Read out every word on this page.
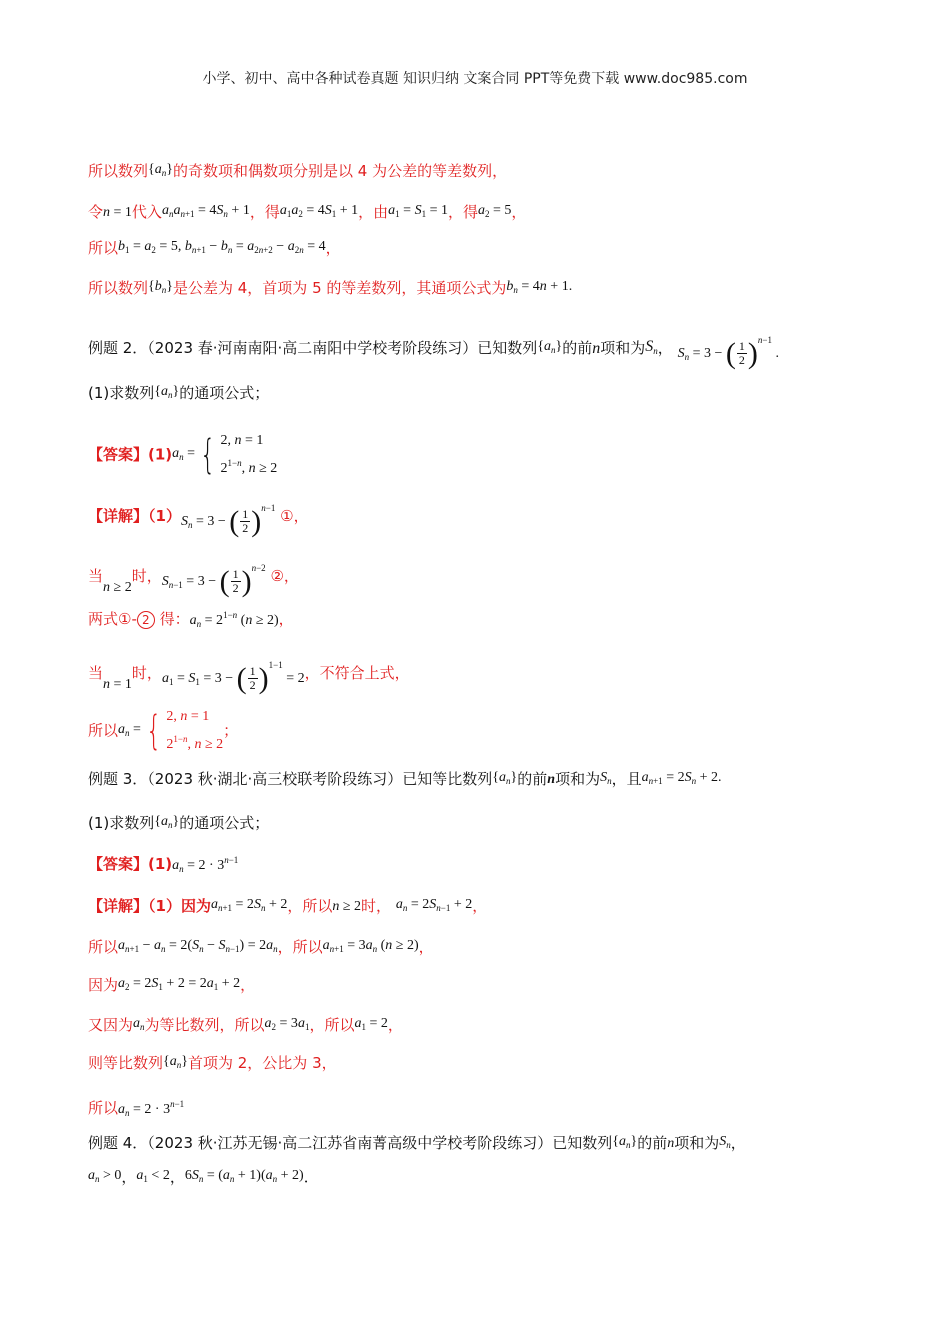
小学、初中、高中各种试卷真题 知识归纳 文案合同 PPT等免费下载 www.doc985.com
所以数列$\{a_n\}$的奇数项和偶数项分别是以 4 为公差的等差数列，
令n = 1代入$a_na_{n+1} = 4S_n + 1$，得$a_1a_2 = 4S_1 + 1$，由$a_1 = S_1 = 1$，得$a_2 = 5$，
所以$b_1 = a_2 = 5$, $b_{n+1} - b_n = a_{2n+2} - a_{2n} = 4$，
所以数列$\{b_n\}$是公差为 4，首项为 5 的等差数列，其通项公式为$b_n = 4n + 1$.
例题 2．（2023 春·河南南阳·高二南阳中学校考阶段练习）已知数列$\{a_n\}$的前n项和为$S_n$， $S_n = 3$ − ( $\frac{1}{2} )^{n-1}$ .
(1)求数列$\{a_n\}$的通项公式；
【答案】$(1)a_n$ ={ 2, n = 1
$2^{1-n}$, n ≥ 2
【详解】$(1)S_n = 3$ − ( $\frac{1}{2} )^{n-1}$ ①，
当n ≥ 2时，$S_{n-1} = 3$ − ( $\frac{1}{2} )^{n-2}$ ②，
两式①- 2 得：$a_n = 2^{1-n}$ (n ≥ 2)，
当n = 1时，$a_1 = S_1 = 3$ − ( $\frac{1}{2} )^{1-1} = 2$，不符合上式，
所以$a_n$ ={ 2, n = 1
$2^{1-n}$, n ≥ 2
；
例题 3．（2023 秋·湖北·高三校联考阶段练习）已知等比数列$\{a_n\}$的前n项和为$S_n$，且$a_{n+1} = 2S_n + 2$.
(1)求数列$\{a_n\}$的通项公式；
【答案】$(1)a_n = 2 \cdot 3^{n-1}$
【详解】（1）因为$a_{n+1} = 2S_n + 2$，所以n ≥ 2时， $a_n = 2S_{n-1} + 2$，
所以$a_{n+1} - a_n = 2(S_n - S_{n-1}) = 2a_n$，所以$a_{n+1} = 3a_n$ (n ≥ 2)，
因为$a_2 = 2S_1 + 2 = 2a_1 + 2$，
又因为$a_n$为等比数列，所以$a_2 = 3a_1$，所以$a_1 = 2$，
则等比数列$\{a_n\}$首项为 2，公比为 3，
所以$a_n = 2 \cdot 3^{n-1}$
例题 4．（2023 秋·江苏无锡·高二江苏省南菁高级中学校考阶段练习）已知数列$\{a_n\}$的前n项和为$S_n$，
$a_n > 0$，$a_1 < 2$，$6S_n = (a_n + 1)(a_n + 2)$．
